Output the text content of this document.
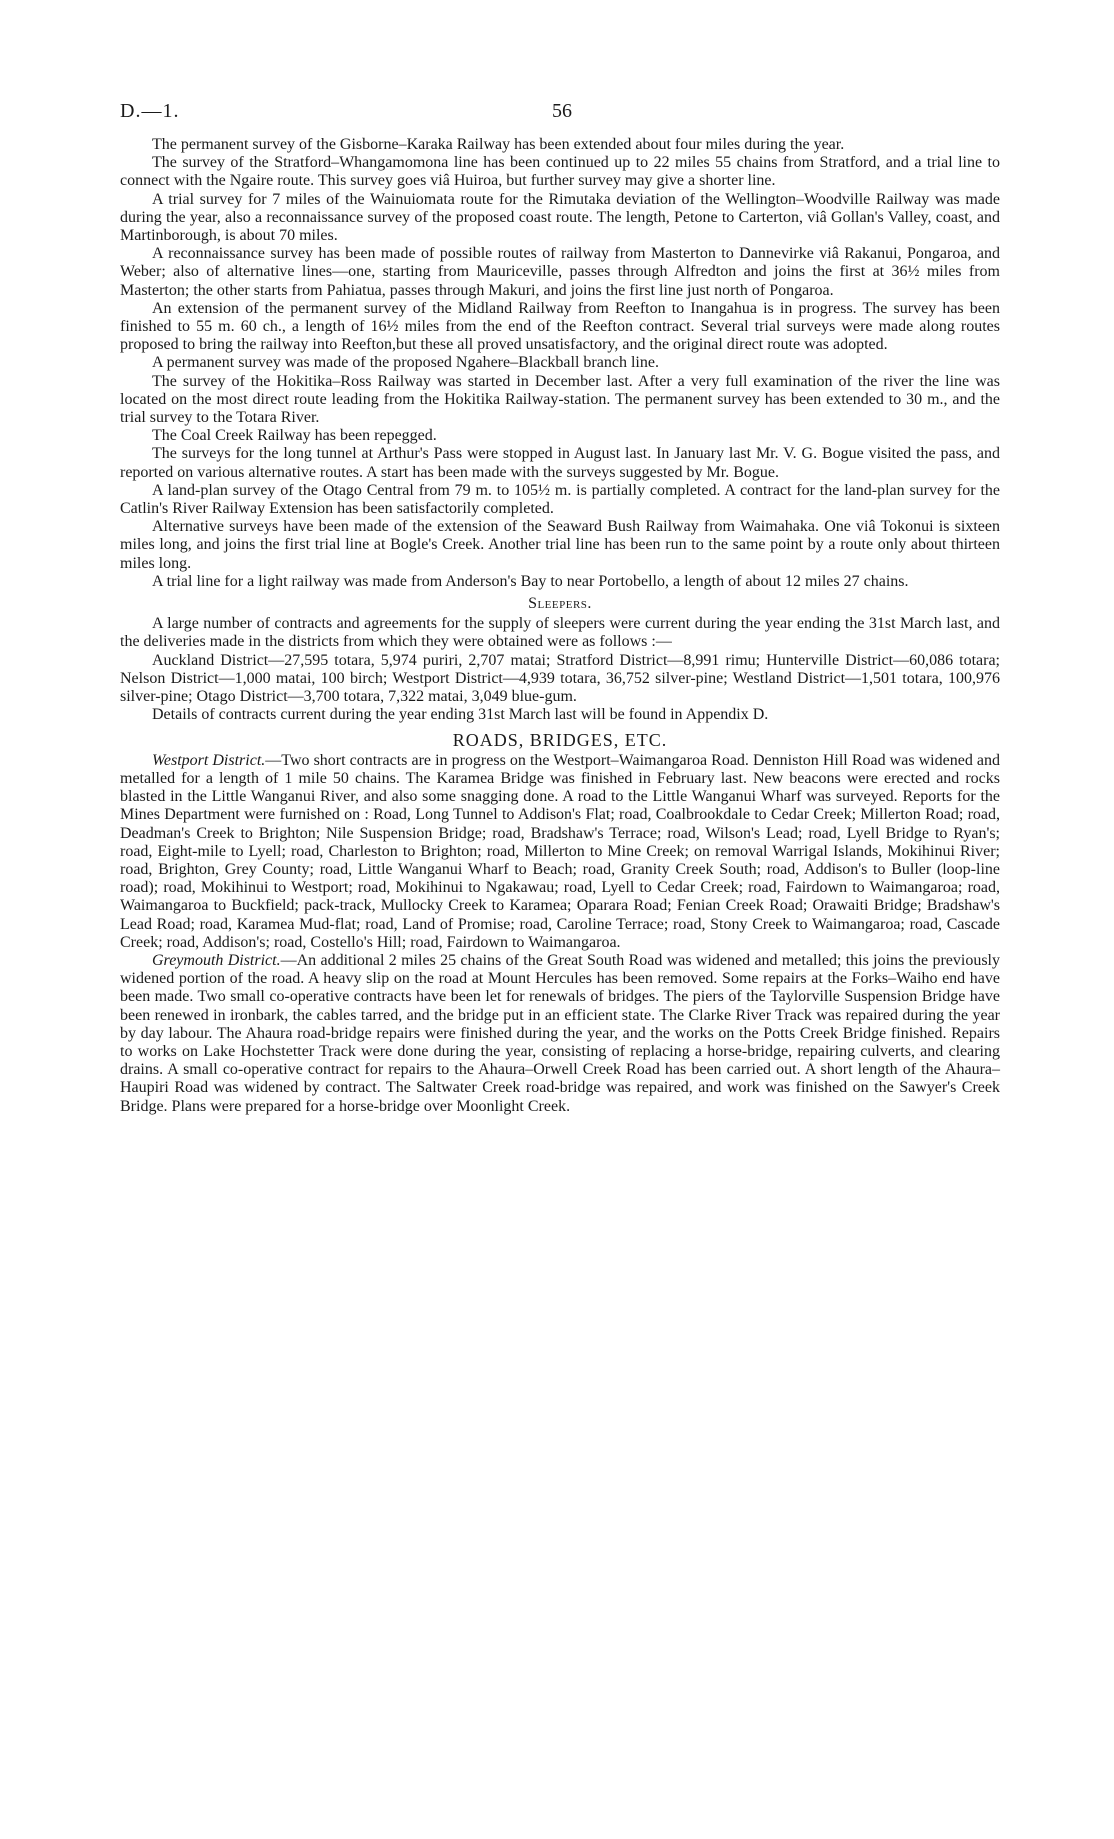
D.—1.	56

The permanent survey of the Gisborne–Karaka Railway has been extended about four miles during the year.

The survey of the Stratford–Whangamomona line has been continued up to 22 miles 55 chains from Stratford, and a trial line to connect with the Ngaire route. This survey goes viâ Huiroa, but further survey may give a shorter line.

A trial survey for 7 miles of the Wainuiomata route for the Rimutaka deviation of the Wellington–Woodville Railway was made during the year, also a reconnaissance survey of the proposed coast route. The length, Petone to Carterton, viâ Gollan's Valley, coast, and Martinborough, is about 70 miles.

A reconnaissance survey has been made of possible routes of railway from Masterton to Dannevirke viâ Rakanui, Pongaroa, and Weber; also of alternative lines—one, starting from Mauriceville, passes through Alfredton and joins the first at 36½ miles from Masterton; the other starts from Pahiatua, passes through Makuri, and joins the first line just north of Pongaroa.

An extension of the permanent survey of the Midland Railway from Reefton to Inangahua is in progress. The survey has been finished to 55 m. 60 ch., a length of 16½ miles from the end of the Reefton contract. Several trial surveys were made along routes proposed to bring the railway into Reefton,but these all proved unsatisfactory, and the original direct route was adopted.

A permanent survey was made of the proposed Ngahere–Blackball branch line.

The survey of the Hokitika–Ross Railway was started in December last. After a very full examination of the river the line was located on the most direct route leading from the Hokitika Railway-station. The permanent survey has been extended to 30 m., and the trial survey to the Totara River.

The Coal Creek Railway has been repegged.

The surveys for the long tunnel at Arthur's Pass were stopped in August last. In January last Mr. V. G. Bogue visited the pass, and reported on various alternative routes. A start has been made with the surveys suggested by Mr. Bogue.

A land-plan survey of the Otago Central from 79 m. to 105½ m. is partially completed. A contract for the land-plan survey for the Catlin's River Railway Extension has been satisfactorily completed.

Alternative surveys have been made of the extension of the Seaward Bush Railway from Waimahaka. One viâ Tokonui is sixteen miles long, and joins the first trial line at Bogle's Creek. Another trial line has been run to the same point by a route only about thirteen miles long.

A trial line for a light railway was made from Anderson's Bay to near Portobello, a length of about 12 miles 27 chains.

Sleepers.

A large number of contracts and agreements for the supply of sleepers were current during the year ending the 31st March last, and the deliveries made in the districts from which they were obtained were as follows :—

Auckland District—27,595 totara, 5,974 puriri, 2,707 matai; Stratford District—8,991 rimu; Hunterville District—60,086 totara; Nelson District—1,000 matai, 100 birch; Westport District—4,939 totara, 36,752 silver-pine; Westland District—1,501 totara, 100,976 silver-pine; Otago District—3,700 totara, 7,322 matai, 3,049 blue-gum.

Details of contracts current during the year ending 31st March last will be found in Appendix D.

ROADS, BRIDGES, ETC.

Westport District.—Two short contracts are in progress on the Westport–Waimangaroa Road. Denniston Hill Road was widened and metalled for a length of 1 mile 50 chains. The Karamea Bridge was finished in February last. New beacons were erected and rocks blasted in the Little Wanganui River, and also some snagging done. A road to the Little Wanganui Wharf was surveyed. Reports for the Mines Department were furnished on : Road, Long Tunnel to Addison's Flat; road, Coalbrookdale to Cedar Creek; Millerton Road; road, Deadman's Creek to Brighton; Nile Suspension Bridge; road, Bradshaw's Terrace; road, Wilson's Lead; road, Lyell Bridge to Ryan's; road, Eight-mile to Lyell; road, Charleston to Brighton; road, Millerton to Mine Creek; on removal Warrigal Islands, Mokihinui River; road, Brighton, Grey County; road, Little Wanganui Wharf to Beach; road, Granity Creek South; road, Addison's to Buller (loop-line road); road, Mokihinui to Westport; road, Mokihinui to Ngakawau; road, Lyell to Cedar Creek; road, Fairdown to Waimangaroa; road, Waimangaroa to Buckfield; pack-track, Mullocky Creek to Karamea; Oparara Road; Fenian Creek Road; Orawaiti Bridge; Bradshaw's Lead Road; road, Karamea Mud-flat; road, Land of Promise; road, Caroline Terrace; road, Stony Creek to Waimangaroa; road, Cascade Creek; road, Addison's; road, Costello's Hill; road, Fairdown to Waimangaroa.

Greymouth District.—An additional 2 miles 25 chains of the Great South Road was widened and metalled; this joins the previously widened portion of the road. A heavy slip on the road at Mount Hercules has been removed. Some repairs at the Forks–Waiho end have been made. Two small co-operative contracts have been let for renewals of bridges. The piers of the Taylorville Suspension Bridge have been renewed in ironbark, the cables tarred, and the bridge put in an efficient state. The Clarke River Track was repaired during the year by day labour. The Ahaura road-bridge repairs were finished during the year, and the works on the Potts Creek Bridge finished. Repairs to works on Lake Hochstetter Track were done during the year, consisting of replacing a horse-bridge, repairing culverts, and clearing drains. A small co-operative contract for repairs to the Ahaura–Orwell Creek Road has been carried out. A short length of the Ahaura–Haupiri Road was widened by contract. The Saltwater Creek road-bridge was repaired, and work was finished on the Sawyer's Creek Bridge. Plans were prepared for a horse-bridge over Moonlight Creek.
